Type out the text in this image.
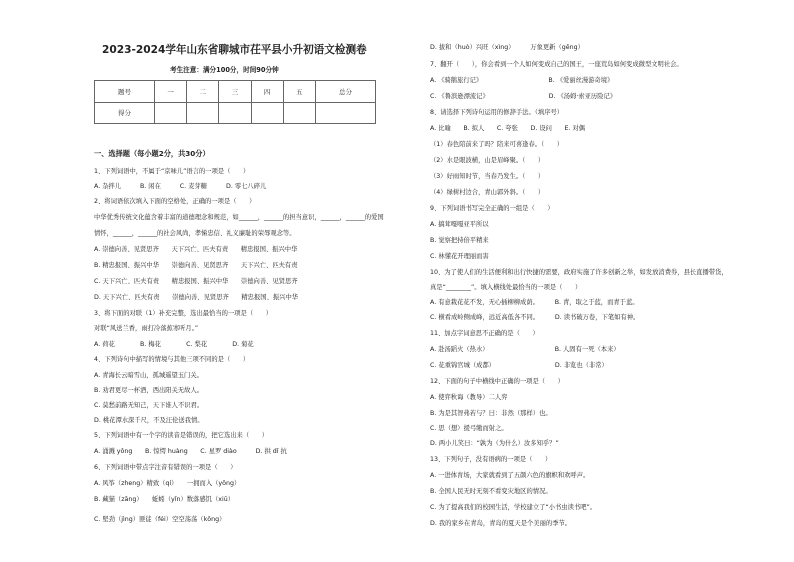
2023-2024学年山东省聊城市茌平县小升初语文检测卷
考生注意：满分100分，时间90分钟
题号	一	二	三	四	五	总分
得分						
一、选择题（每小题2分，共30分）
1、下列词语中，不属于“京味儿”语言的一项是（　　）
A. 杂拌儿　　　B. 闲在　　　C. 麦芽糖　　　D. 零七八碎儿
2、将词语依次填入下面的空格处，正确的一项是（　　）
中华优秀传统文化蕴含着丰富的道德理念和规范，如______，______的担当意识，______，______的爱国
情怀，______，______的社会风尚，孝悌忠信、礼义廉耻的荣辱观念等。
A. 崇德向善、见贤思齐　　天下兴亡、匹夫有责　　精忠报国、振兴中华
B. 精忠报国、振兴中华　　崇德向善、见贤思齐　　天下兴亡、匹夫有责
C. 天下兴亡、匹夫有责　　精忠报国、振兴中华　　崇德向善、见贤思齐
D. 天下兴亡、匹夫有责　　崇德向善、见贤思齐　　精忠报国、振兴中华
3、将下面的对联（1）补充完整，选出最恰当的一项是（　　）
对联“风送兰香，雨打冷落蕉寒听月。”
A. 荷花　　　　B. 梅花　　　　C. 梨花　　　　D. 菊花
4、下列诗句中描写的情境与其他三项不同的是（　　）
A. 青海长云暗雪山，孤城遥望玉门关。
B. 劝君更尽一杯酒，西出阳关无故人。
C. 莫愁前路无知己，天下谁人不识君。
D. 桃花潭水深千尺，不及汪伦送我情。
5、下列词语中有一个字的读音是错误的，把它选出来（　　）
A. 涌溅 yǒng　　B. 惊愕 huàng　　C. 星罗 diào　　　D. 拱 dǐ 抗
6、下列词语中带点字注音有错误的一项是（　　）
A. 风筝（zheng）精致（qí）　　一拥而入（yōng）
B. 藏猫（zāng）　　蚯蚓（yǐn）数落感饥（xiū）
C. 堅劲（jìng）匪徒（féi）空空荡荡（kōng）
D. 拔和（huò）兴旺（xìng）　　　万象更新（gēng）
7、翻开（　　），你会看到一个人如何变成自己的国王，一座荒岛如何变成微型文明社会。
A. 《骑鹅旅行记》　　　　　　　　　　　B. 《爱丽丝漫游奇境》
C. 《鲁滨逊漂流记》　　　　　　　　　　D. 《汤姆·索亚历险记》
8、请选择下列诗句运用的修辞手法。（填序号）
A. 比喻　　B. 拟人　　C. 夸张　　D. 设问　　E. 对偶
（1）春色陪前来了吗？陪来可喜逢春。（　　）
（2）水是眼波横，山是眉峰聚。（　　）
（3）好雨知时节，当春乃发生。（　　）
（4）绿树村边合，青山郭外斜。（　　）
9、下列词语书写完全正确的一组是（　　）
A. 搞茸嘎嘎亚平所以
B. 觉察把持倍平精来
C. 林懂花开理丽而害
10、为了使人们的生活便利和出行快捷的需要，政府实施了许多创新之举，如发放消费券，县长直播带货，
真是“________”。填入横线处最恰当的一项是（　　）
A. 有意栽花花不发，无心插柳柳成荫。　　　B. 青，取之于蓝，而青于蓝。
C. 横看成岭侧成峰，远近高低各不同。　　　D. 读书破万卷，下笔如有神。
11、加点字词意思不正确的是（　　）
A. 赴汤蹈火（热水）　　　　　　　　　　　B. 人固有一死（本来）
C. 花重锦官城（成都）　　　　　　　　　　D. 非览也（非常）
12、下面的句子中横线中正确的一项是（　　）
A. 使弈秋诲（教导）二人弈
B. 为是其智弗若与？曰：非然（那样）也。
C. 思（想）援弓缴而射之。
D. 两小儿笑曰：“孰为（为什么）汝多知乎？”
13、下列句子，没有语病的一项是（　　）
A. 一进体育场，大家就看到了五颜六色的旗帜和欢呼声。
B. 全国人民无时无刻不看变灾地区的情况。
C. 为了提高我们的校园生活，学校建立了“小书虫读书吧”。
D. 我的家乡在青岛，青岛的夏天是个美丽的季节。
